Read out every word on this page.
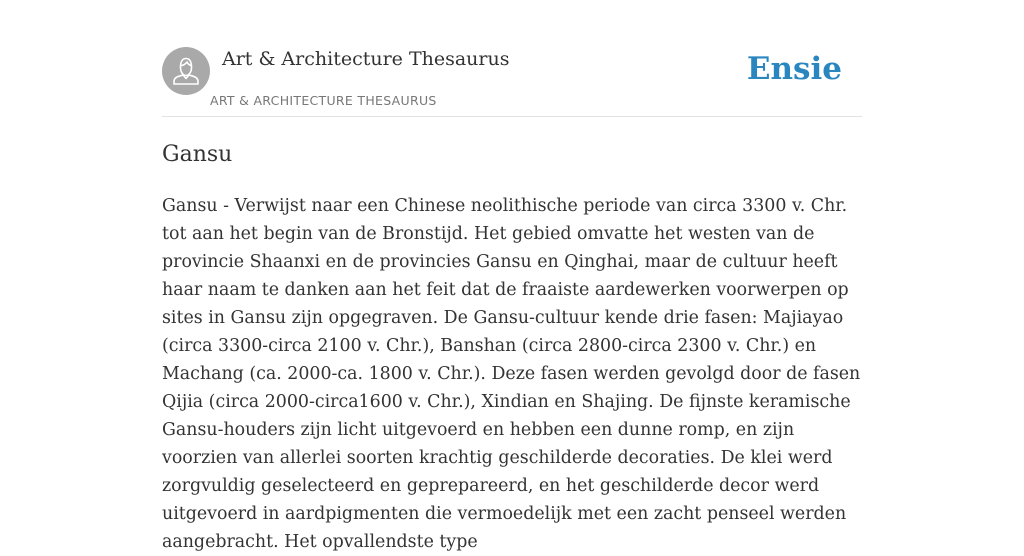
Art & Architecture Thesaurus
ART & ARCHITECTURE THESAURUS
Ensie
Gansu

Gansu - Verwijst naar een Chinese neolithische periode van circa 3300 v. Chr. tot aan het begin van de Bronstijd. Het gebied omvatte het westen van de provincie Shaanxi en de provincies Gansu en Qinghai, maar de cultuur heeft haar naam te danken aan het feit dat de fraaiste aardewerken voorwerpen op sites in Gansu zijn opgegraven. De Gansu-cultuur kende drie fasen: Majiayao (circa 3300-circa 2100 v. Chr.), Banshan (circa 2800-circa 2300 v. Chr.) en Machang (ca. 2000-ca. 1800 v. Chr.). Deze fasen werden gevolgd door de fasen Qijia (circa 2000-circa1600 v. Chr.), Xindian en Shajing. De fijnste keramische Gansu-houders zijn licht uitgevoerd en hebben een dunne romp, en zijn voorzien van allerlei soorten krachtig geschilderde decoraties. De klei werd zorgvuldig geselecteerd en geprepareerd, en het geschilderde decor werd uitgevoerd in aardpigmenten die vermoedelijk met een zacht penseel werden aangebracht. Het opvallendste type
